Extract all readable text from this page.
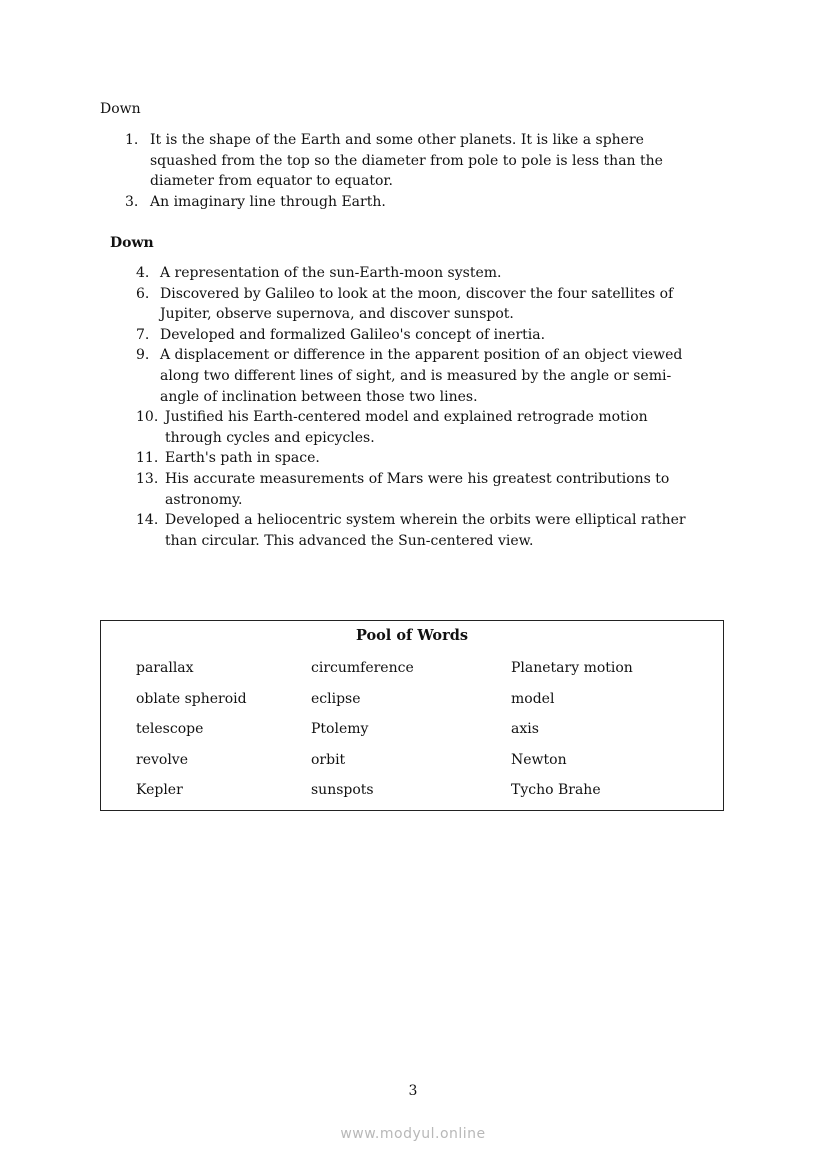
Down
1. It is the shape of the Earth and some other planets. It is like a sphere
squashed from the top so the diameter from pole to pole is less than the
diameter from equator to equator.
3. An imaginary line through Earth.
Down
4. A representation of the sun-Earth-moon system.
6. Discovered by Galileo to look at the moon, discover the four satellites of
Jupiter, observe supernova, and discover sunspot.
7. Developed and formalized Galileo's concept of inertia.
9. A displacement or difference in the apparent position of an object viewed
along two different lines of sight, and is measured by the angle or semi-
angle of inclination between those two lines.
10. Justified his Earth-centered model and explained retrograde motion
through cycles and epicycles.
11. Earth's path in space.
13. His accurate measurements of Mars were his greatest contributions to
astronomy.
14. Developed a heliocentric system wherein the orbits were elliptical rather
than circular. This advanced the Sun-centered view.
Pool of Words
parallax	circumference	Planetary motion
oblate spheroid	eclipse	model
telescope	Ptolemy	axis
revolve	orbit	Newton
Kepler	sunspots	Tycho Brahe
3
www.modyul.online
